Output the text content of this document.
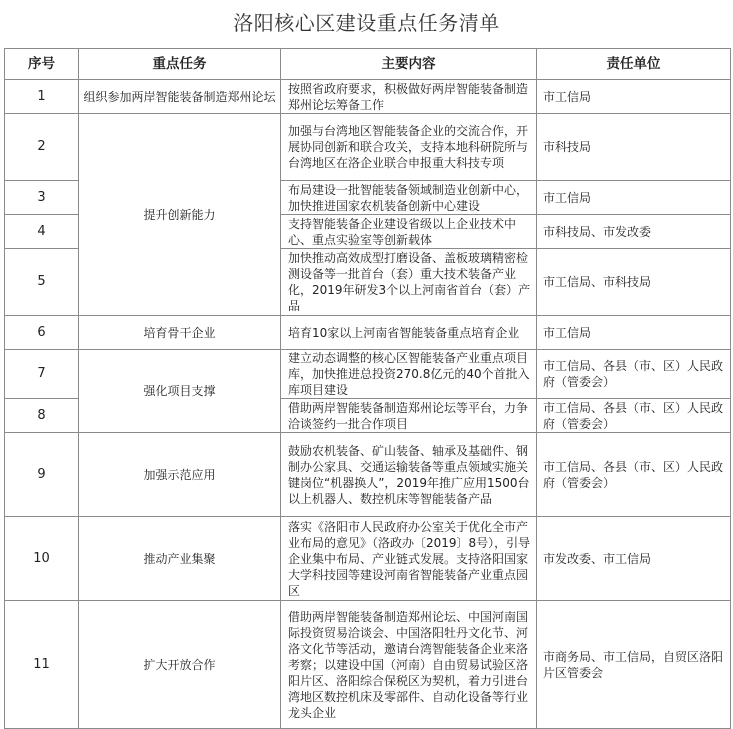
洛阳核心区建设重点任务清单
序号	重点任务	主要内容	责任单位
1	组织参加两岸智能装备制造郑州论坛	按照省政府要求，积极做好两岸智能装备制造郑州论坛筹备工作	市工信局
2	提升创新能力	加强与台湾地区智能装备企业的交流合作，开展协同创新和联合攻关，支持本地科研院所与台湾地区在洛企业联合申报重大科技专项	市科技局
3		布局建设一批智能装备领域制造业创新中心，加快推进国家农机装备创新中心建设	市工信局
4		支持智能装备企业建设省级以上企业技术中心、重点实验室等创新载体	市科技局、市发改委
5		加快推动高效成型打磨设备、盖板玻璃精密检测设备等一批首台（套）重大技术装备产业化，2019年研发3个以上河南省首台（套）产品	市工信局、市科技局
6	培育骨干企业	培育10家以上河南省智能装备重点培育企业	市工信局
7	强化项目支撑	建立动态调整的核心区智能装备产业重点项目库，加快推进总投资270.8亿元的40个首批入库项目建设	市工信局、各县（市、区）人民政府（管委会）
8		借助两岸智能装备制造郑州论坛等平台，力争洽谈签约一批合作项目	市工信局、各县（市、区）人民政府（管委会）
9	加强示范应用	鼓励农机装备、矿山装备、轴承及基础件、钢制办公家具、交通运输装备等重点领域实施关键岗位“机器换人”，2019年推广应用1500台以上机器人、数控机床等智能装备产品	市工信局、各县（市、区）人民政府（管委会）
10	推动产业集聚	落实《洛阳市人民政府办公室关于优化全市产业布局的意见》（洛政办〔2019〕8号），引导企业集中布局、产业链式发展。支持洛阳国家大学科技园等建设河南省智能装备产业重点园区	市发改委、市工信局
11	扩大开放合作	借助两岸智能装备制造郑州论坛、中国河南国际投资贸易洽谈会、中国洛阳牡丹文化节、河洛文化节等活动，邀请台湾智能装备企业来洛考察；以建设中国（河南）自由贸易试验区洛阳片区、洛阳综合保税区为契机，着力引进台湾地区数控机床及零部件、自动化设备等行业龙头企业	市商务局、市工信局，自贸区洛阳片区管委会
